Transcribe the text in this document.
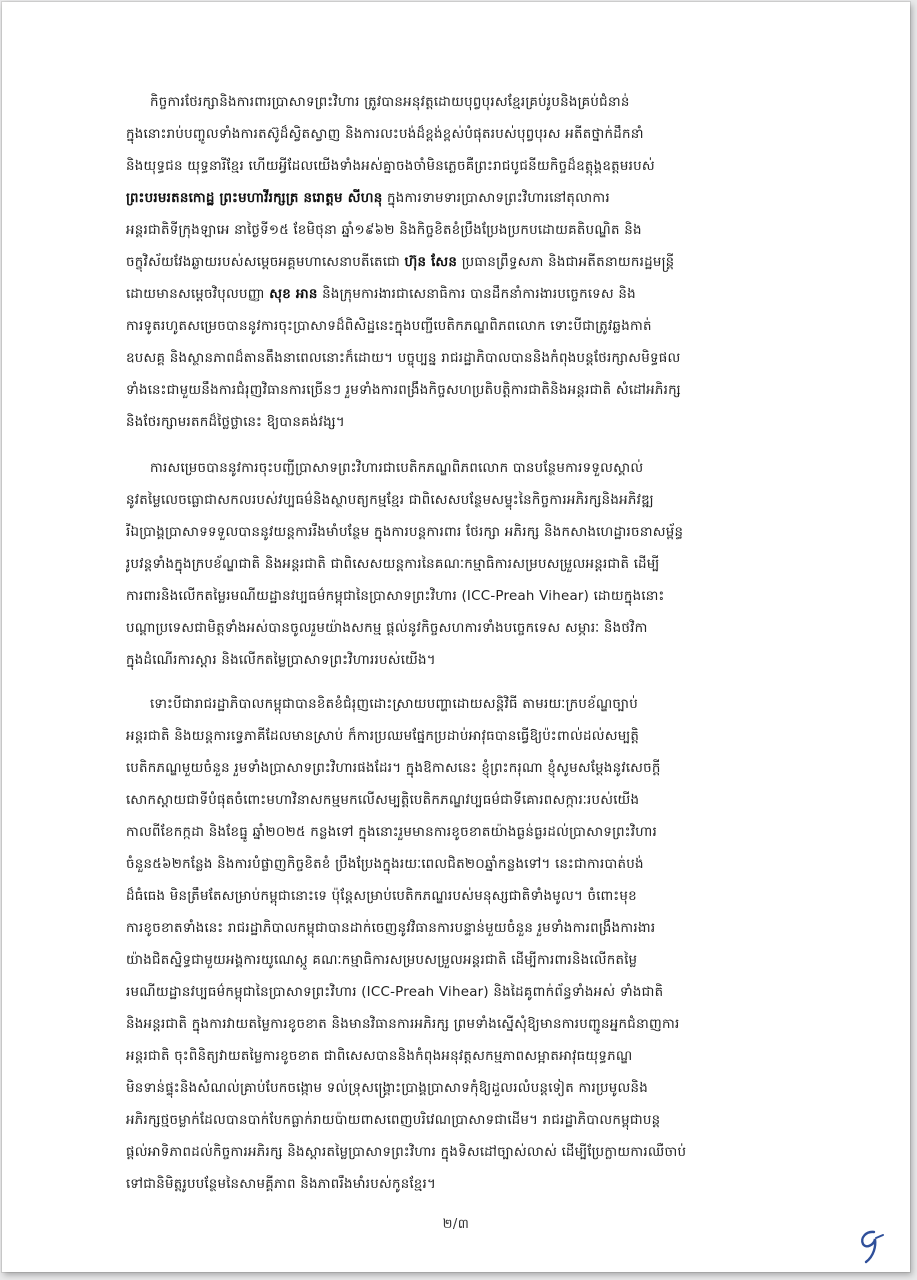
កិច្ចការថែរក្សានិងការពារប្រាសាទព្រះវិហារ ត្រូវបានអនុវត្តដោយបុព្វបុរសខ្មែរគ្រប់រូបនិងគ្រប់ជំនាន់
ក្នុងនោះរាប់បញ្ចូលទាំងការតស៊ូដ៏ស្វិតស្វាញ និងការលះបង់ដ៏ខ្ពង់ខ្ពស់បំផុតរបស់បុព្វបុរស អតីតថ្នាក់ដឹកនាំ
និងយុទ្ធជន យុទ្ធនារីខ្មែរ ហើយអ្វីដែលយើងទាំងអស់គ្នាចងចាំមិនភ្លេចគឺព្រះរាជបូជនីយកិច្ចដ៏ឧត្តុង្គឧត្តមរបស់
ព្រះបរមរតនកោដ្ឋ ព្រះមហាវីរក្សត្រ នរោត្តម សីហនុ ក្នុងការទាមទារប្រាសាទព្រះវិហារនៅតុលាការ
អន្តរជាតិទីក្រុងឡាអេ នាថ្ងៃទី១៥ ខែមិថុនា ឆ្នាំ១៩៦២ និងកិច្ចខិតខំប្រឹងប្រែងប្រកបដោយគតិបណ្ឌិត និង
ចក្ខុវិស័យវែងឆ្ងាយរបស់សម្តេចអគ្គមហាសេនាបតីតេជោ ហ៊ុន សែន ប្រធានព្រឹទ្ធសភា និងជាអតីតនាយករដ្ឋមន្ត្រី
ដោយមានសម្តេចវិបុលបញ្ញា សុខ អាន និងក្រុមការងារជាសេនាធិការ បានដឹកនាំការងារបច្ចេកទេស និង
ការទូតរហូតសម្រេចបាននូវការចុះប្រាសាទដ៏ពិសិដ្ឋនេះក្នុងបញ្ជីបេតិកភណ្ឌពិភពលោក ទោះបីជាត្រូវឆ្លងកាត់
ឧបសគ្គ និងស្ថានភាពដ៏តានតឹងនាពេលនោះក៏ដោយ។ បច្ចុប្បន្ន រាជរដ្ឋាភិបាលបាននិងកំពុងបន្តថែរក្សាសមិទ្ធផល
ទាំងនេះជាមួយនឹងការជំរុញវិធានការច្រើនៗ រួមទាំងការពង្រឹងកិច្ចសហប្រតិបត្តិការជាតិនិងអន្តរជាតិ សំដៅអភិរក្ស
និងថែរក្សាមរតកដ៏ថ្លៃថ្លានេះ ឱ្យបានគង់វង្ស។
ការសម្រេចបាននូវការចុះបញ្ជីប្រាសាទព្រះវិហារជាបេតិកភណ្ឌពិភពលោក បានបន្ថែមការទទួលស្គាល់
នូវតម្លៃលេចធ្លោជាសកលរបស់វប្បធម៌និងស្ថាបត្យកម្មខ្មែរ ជាពិសេសបន្ថែមសម្ទុះនៃកិច្ចការអភិរក្សនិងអភិវឌ្ឍ
រីឯប្រាង្គប្រាសាទទទួលបាននូវយន្តការរឹងមាំបន្ថែម ក្នុងការបន្តការពារ ថែរក្សា អភិរក្ស និងកសាងហេដ្ឋារចនាសម្ព័ន្ធ
រូបវន្តទាំងក្នុងក្របខ័ណ្ឌជាតិ និងអន្តរជាតិ ជាពិសេសយន្តការនៃគណៈកម្មាធិការសម្របសម្រួលអន្តរជាតិ ដើម្បី
ការពារនិងលើកតម្លៃរមណីយដ្ឋានវប្បធម៌កម្ពុជានៃប្រាសាទព្រះវិហារ (ICC-Preah Vihear) ដោយក្នុងនោះ
បណ្តាប្រទេសជាមិត្តទាំងអស់បានចូលរួមយ៉ាងសកម្ម ផ្តល់នូវកិច្ចសហការទាំងបច្ចេកទេស សម្ភារៈ និងថវិកា
ក្នុងដំណើរការស្តារ និងលើកតម្លៃប្រាសាទព្រះវិហាររបស់យើង។
ទោះបីជារាជរដ្ឋាភិបាលកម្ពុជាបានខិតខំជំរុញដោះស្រាយបញ្ហាដោយសន្តិវិធី តាមរយៈក្របខ័ណ្ឌច្បាប់
អន្តរជាតិ និងយន្តការទ្វេភាគីដែលមានស្រាប់ ក៏ការប្រឈមផ្នែកប្រដាប់អាវុធបានធ្វើឱ្យប៉ះពាល់ដល់សម្បត្តិ
បេតិកភណ្ឌមួយចំនួន រួមទាំងប្រាសាទព្រះវិហារផងដែរ។ ក្នុងឱកាសនេះ ខ្ញុំព្រះករុណា ខ្ញុំសូមសម្តែងនូវសេចក្តី
សោកស្តាយជាទីបំផុតចំពោះមហាវិនាសកម្មមកលើសម្បត្តិបេតិកភណ្ឌវប្បធម៌ជាទីគោរពសក្ការៈរបស់យើង
កាលពីខែកក្កដា និងខែធ្នូ ឆ្នាំ២០២៥ កន្លងទៅ ក្នុងនោះរួមមានការខូចខាតយ៉ាងធ្ងន់ធ្ងរដល់ប្រាសាទព្រះវិហារ
ចំនួន៥៦២កន្លែង និងការបំផ្លាញកិច្ចខិតខំ ប្រឹងប្រែងក្នុងរយៈពេលជិត២០ឆ្នាំកន្លងទៅ។ នេះជាការបាត់បង់
ដ៏ធំធេង មិនត្រឹមតែសម្រាប់កម្ពុជានោះទេ ប៉ុន្តែសម្រាប់បេតិកភណ្ឌរបស់មនុស្សជាតិទាំងមូល។ ចំពោះមុខ
ការខូចខាតទាំងនេះ រាជរដ្ឋាភិបាលកម្ពុជាបានដាក់ចេញនូវវិធានការបន្ទាន់មួយចំនួន រួមទាំងការពង្រឹងការងារ
យ៉ាងជិតស្និទ្ធជាមួយអង្គការយូណេស្កូ គណៈកម្មាធិការសម្របសម្រួលអន្តរជាតិ ដើម្បីការពារនិងលើកតម្លៃ
រមណីយដ្ឋានវប្បធម៌កម្ពុជានៃប្រាសាទព្រះវិហារ (ICC-Preah Vihear) និងដៃគូពាក់ព័ន្ធទាំងអស់ ទាំងជាតិ
និងអន្តរជាតិ ក្នុងការវាយតម្លៃការខូចខាត និងមានវិធានការអភិរក្ស ព្រមទាំងស្នើសុំឱ្យមានការបញ្ជូនអ្នកជំនាញការ
អន្តរជាតិ ចុះពិនិត្យវាយតម្លៃការខូចខាត ជាពិសេសបាននិងកំពុងអនុវត្តសកម្មភាពសម្អាតអាវុធយុទ្ធភណ្ឌ
មិនទាន់ផ្ទុះនិងសំណល់គ្រាប់បែកចង្កោម ទល់ទ្រុសង្គ្រោះប្រាង្គប្រាសាទកុំឱ្យដួលរលំបន្តទៀត ការប្រមូលនិង
អភិរក្សថ្មចម្លាក់ដែលបានបាក់បែកធ្លាក់រាយប៉ាយពាសពេញបរិវេណប្រាសាទជាដើម។ រាជរដ្ឋាភិបាលកម្ពុជាបន្ត
ផ្តល់អាទិភាពដល់កិច្ចការអភិរក្ស និងស្តារតម្លៃប្រាសាទព្រះវិហារ ក្នុងទិសដៅច្បាស់លាស់ ដើម្បីប្រែក្លាយការឈឺចាប់
ទៅជានិមិត្តរូបបន្ថែមនៃសាមគ្គីភាព និងភាពរឹងមាំរបស់កូនខ្មែរ។
២/៣
